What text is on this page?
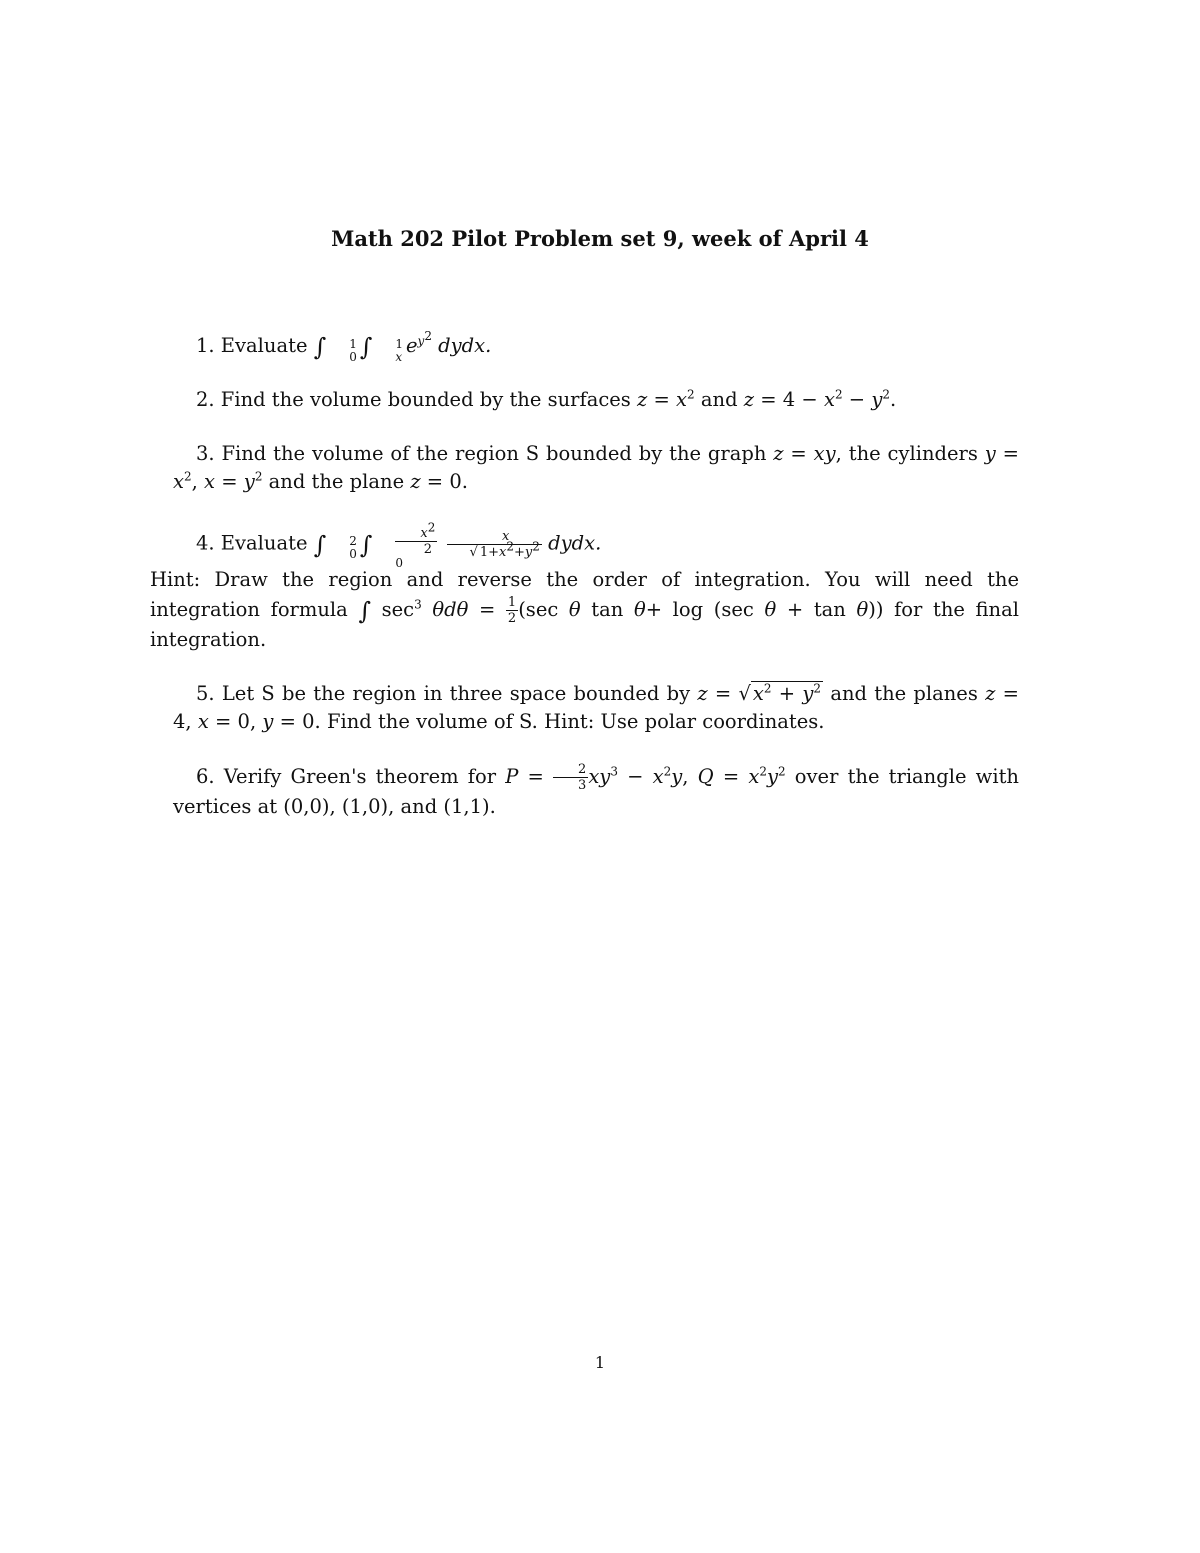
Math 202 Pilot Problem set 9, week of April 4

1. Evaluate ∫	1
0 ∫	1
x $e^{y^2}$ dydx.

2. Find the volume bounded by the surfaces $z = x^2$ and $z = 4 - x^2 - y^2$.

3. Find the volume of the region S bounded by the graph z = xy, the cylinders $y = x^2$, $x = y^2$ and the plane z = 0.

4. Evaluate ∫	2
0 ∫ $\frac{x^2}{2}$
0

$\frac{x}{√ 1+x^2+y^2}$ dydx.
Hint: Draw the region and reverse the order of integration. You will need the integration formula ∫ $\sec^3 \theta d\theta = \frac{1}{2} (\sec$ θ tan θ+ log (sec θ + tan θ)) for the final integration.

5. Let S be the region in three space bounded by z = √ $x^2 + y^2$ and the planes z = 4, x = 0, y = 0. Find the volume of S. Hint: Use polar coordinates.

6. Verify Green's theorem for $P = \frac{2}{3} xy^3 - x^2y$, $Q = x^2y^2$ over the triangle with vertices at (0,0), (1,0), and (1,1).

1
